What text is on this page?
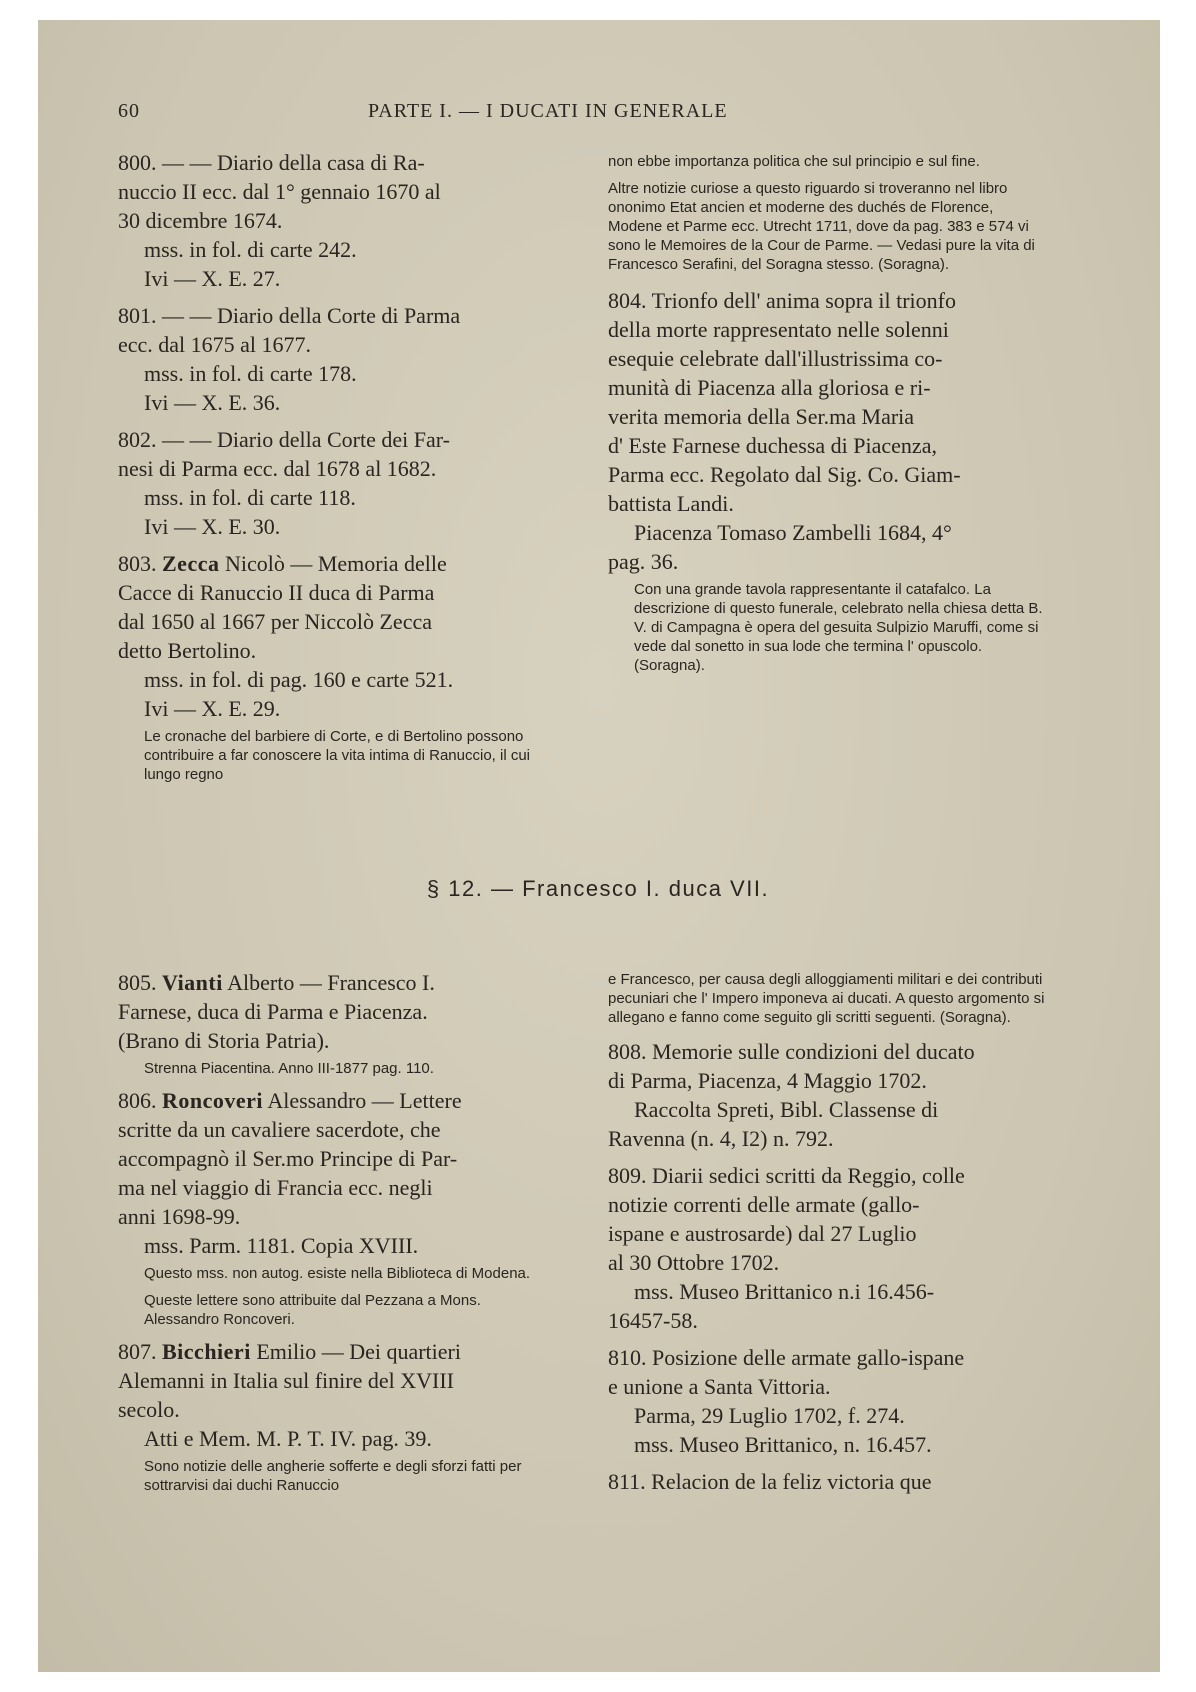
60	PARTE I. — I DUCATI IN GENERALE
800. — — Diario della casa di Ra-
nuccio II ecc. dal 1° gennaio 1670 al
30 dicembre 1674.
mss. in fol. di carte 242.
Ivi — X. E. 27.
801. — — Diario della Corte di Parma
ecc. dal 1675 al 1677.
mss. in fol. di carte 178.
Ivi — X. E. 36.
802. — — Diario della Corte dei Far-
nesi di Parma ecc. dal 1678 al 1682.
mss. in fol. di carte 118.
Ivi — X. E. 30.
803. Zecca Nicolò — Memoria delle
Cacce di Ranuccio II duca di Parma
dal 1650 al 1667 per Niccolò Zecca
detto Bertolino.
mss. in fol. di pag. 160 e carte 521.
Ivi — X. E. 29.
Le cronache del barbiere di Corte, e di Bertolino possono contribuire a far conoscere la vita intima di Ranuccio, il cui lungo regno
non ebbe importanza politica che sul principio e sul fine.
Altre notizie curiose a questo riguardo si troveranno nel libro ononimo Etat ancien et moderne des duchés de Florence, Modene et Parme ecc. Utrecht 1711, dove da pag. 383 e 574 vi sono le Memoires de la Cour de Parme. — Vedasi pure la vita di Francesco Serafini, del Soragna stesso. (Soragna).
804. Trionfo dell' anima sopra il trionfo
della morte rappresentato nelle solenni
esequie celebrate dall'illustrissima co-
munità di Piacenza alla gloriosa e ri-
verita memoria della Ser.ma Maria
d' Este Farnese duchessa di Piacenza,
Parma ecc. Regolato dal Sig. Co. Giam-
battista Landi.
Piacenza Tomaso Zambelli 1684, 4°
pag. 36.
Con una grande tavola rappresentante il catafalco. La descrizione di questo funerale, celebrato nella chiesa detta B. V. di Campagna è opera del gesuita Sulpizio Maruffi, come si vede dal sonetto in sua lode che termina l' opuscolo. (Soragna).
§ 12. — Francesco I. duca VII.
805. Vianti Alberto — Francesco I.
Farnese, duca di Parma e Piacenza.
(Brano di Storia Patria).
Strenna Piacentina. Anno III-1877 pag. 110.
806. Roncoveri Alessandro — Lettere
scritte da un cavaliere sacerdote, che
accompagnò il Ser.mo Principe di Par-
ma nel viaggio di Francia ecc. negli
anni 1698-99.
mss. Parm. 1181. Copia XVIII.
Questo mss. non autog. esiste nella Biblioteca di Modena.
Queste lettere sono attribuite dal Pezzana a Mons. Alessandro Roncoveri.
807. Bicchieri Emilio — Dei quartieri
Alemanni in Italia sul finire del XVIII
secolo.
Atti e Mem. M. P. T. IV. pag. 39.
Sono notizie delle angherie sofferte e degli sforzi fatti per sottrarvisi dai duchi Ranuccio
e Francesco, per causa degli alloggiamenti militari e dei contributi pecuniari che l' Impero imponeva ai ducati. A questo argomento si allegano e fanno come seguito gli scritti seguenti. (Soragna).
808. Memorie sulle condizioni del ducato
di Parma, Piacenza, 4 Maggio 1702.
Raccolta Spreti, Bibl. Classense di
Ravenna (n. 4, I2) n. 792.
809. Diarii sedici scritti da Reggio, colle
notizie correnti delle armate (gallo-
ispane e austrosarde) dal 27 Luglio
al 30 Ottobre 1702.
mss. Museo Brittanico n.i 16.456-
16457-58.
810. Posizione delle armate gallo-ispane
e unione a Santa Vittoria.
Parma, 29 Luglio 1702, f. 274.
mss. Museo Brittanico, n. 16.457.
811. Relacion de la feliz victoria que
